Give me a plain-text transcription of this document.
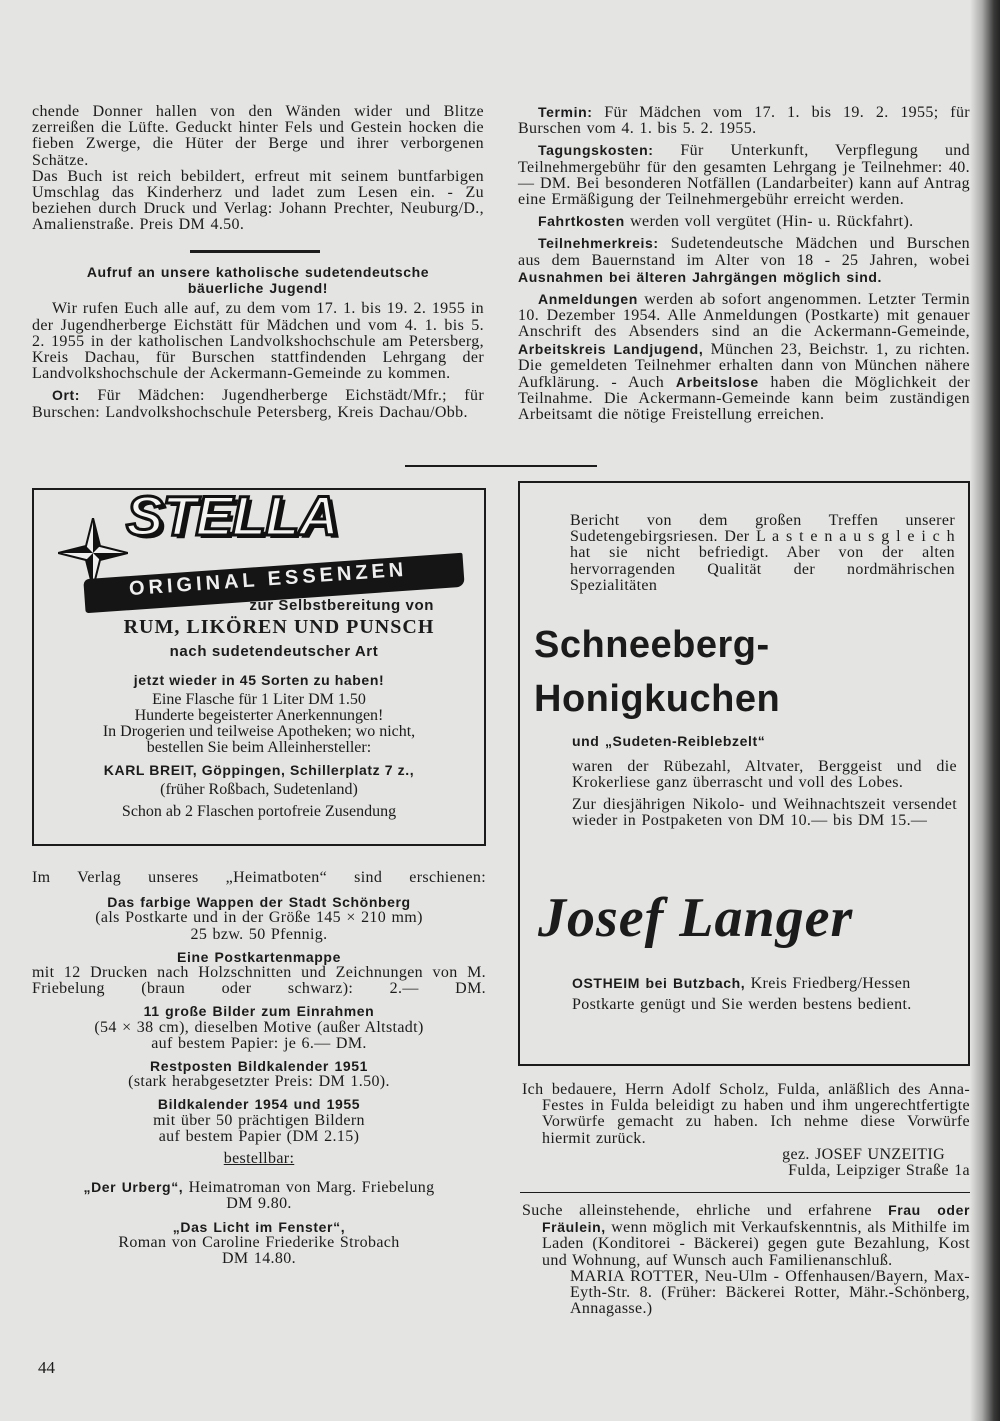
chende Donner hallen von den Wänden wider und Blitze zerreißen die Lüfte. Geduckt hinter Fels und Gestein hocken die fieben Zwerge, die Hüter der Berge und ihrer verborgenen Schätze.

Das Buch ist reich bebildert, erfreut mit seinem buntfarbigen Umschlag das Kinderherz und ladet zum Lesen ein. - Zu beziehen durch Druck und Verlag: Johann Prechter, Neuburg/D., Amalienstraße. Preis DM 4.50.

Aufruf an unsere katholische sudetendeutsche bäuerliche Jugend!

Wir rufen Euch alle auf, zu dem vom 17. 1. bis 19. 2. 1955 in der Jugendherberge Eichstätt für Mädchen und vom 4. 1. bis 5. 2. 1955 in der katholischen Landvolkshochschule am Petersberg, Kreis Dachau, für Burschen stattfindenden Lehrgang der Landvolkshochschule der Ackermann-Gemeinde zu kommen.

Ort: Für Mädchen: Jugendherberge Eichstädt/Mfr.; für Burschen: Landvolkshochschule Petersberg, Kreis Dachau/Obb.

Termin: Für Mädchen vom 17. 1. bis 19. 2. 1955; für Burschen vom 4. 1. bis 5. 2. 1955.

Tagungskosten: Für Unterkunft, Verpflegung und Teilnehmergebühr für den gesamten Lehrgang je Teilnehmer: 40.— DM. Bei besonderen Notfällen (Landarbeiter) kann auf Antrag eine Ermäßigung der Teilnehmergebühr erreicht werden.

Fahrtkosten werden voll vergütet (Hin- u. Rückfahrt).

Teilnehmerkreis: Sudetendeutsche Mädchen und Burschen aus dem Bauernstand im Alter von 18 - 25 Jahren, wobei Ausnahmen bei älteren Jahrgängen möglich sind.

Anmeldungen werden ab sofort angenommen. Letzter Termin 10. Dezember 1954. Alle Anmeldungen (Postkarte) mit genauer Anschrift des Absenders sind an die Ackermann-Gemeinde, Arbeitskreis Landjugend, München 23, Beichstr. 1, zu richten. Die gemeldeten Teilnehmer erhalten dann von München nähere Aufklärung. - Auch Arbeitslose haben die Möglichkeit der Teilnahme. Die Ackermann-Gemeinde kann beim zuständigen Arbeitsamt die nötige Freistellung erreichen.

ORIGINAL ESSENZEN
STELLA
zur Selbstbereitung von
RUM, LIKÖREN UND PUNSCH
nach sudetendeutscher Art
jetzt wieder in 45 Sorten zu haben!
Eine Flasche für 1 Liter DM 1.50
Hunderte begeisterter Anerkennungen!
In Drogerien und teilweise Apotheken; wo nicht,
bestellen Sie beim Alleinhersteller:
KARL BREIT, Göppingen, Schillerplatz 7 z.,
(früher Roßbach, Sudetenland)
Schon ab 2 Flaschen portofreie Zusendung

Im Verlag unseres „Heimatboten“ sind erschienen:

Das farbige Wappen der Stadt Schönberg
(als Postkarte und in der Größe 145 × 210 mm)
25 bzw. 50 Pfennig.
Eine Postkartenmappe
mit 12 Drucken nach Holzschnitten und Zeichnungen von M. Friebelung (braun oder schwarz): 2.— DM.
11 große Bilder zum Einrahmen
(54 × 38 cm), dieselben Motive (außer Altstadt)
auf bestem Papier: je 6.— DM.
Restposten Bildkalender 1951
(stark herabgesetzter Preis: DM 1.50).
Bildkalender 1954 und 1955
mit über 50 prächtigen Bildern
auf bestem Papier (DM 2.15)
bestellbar:
„Der Urberg“, Heimatroman von Marg. Friebelung
DM 9.80.
„Das Licht im Fenster“,
Roman von Caroline Friederike Strobach
DM 14.80.

Bericht von dem großen Treffen unserer Sudetengebirgsriesen. Der L a s t e n a u s g l e i c h hat sie nicht befriedigt. Aber von der alten hervorragenden Qualität der nordmährischen Spezialitäten

Schneeberg-
Honigkuchen

und „Sudeten-Reiblebzelt“

waren der Rübezahl, Altvater, Berggeist und die Krokerliese ganz überrascht und voll des Lobes.

Zur diesjährigen Nikolo- und Weihnachtszeit versendet wieder in Postpaketen von DM 10.— bis DM 15.—

Josef Langer

OSTHEIM bei Butzbach, Kreis Friedberg/Hessen

Postkarte genügt und Sie werden bestens bedient.

Ich bedauere, Herrn Adolf Scholz, Fulda, anläßlich des Anna-Festes in Fulda beleidigt zu haben und ihm ungerechtfertigte Vorwürfe gemacht zu haben. Ich nehme diese Vorwürfe hiermit zurück.

gez. JOSEF UNZEITIG
Fulda, Leipziger Straße 1a

Suche alleinstehende, ehrliche und erfahrene Frau oder Fräulein, wenn möglich mit Verkaufskenntnis, als Mithilfe im Laden (Konditorei - Bäckerei) gegen gute Bezahlung, Kost und Wohnung, auf Wunsch auch Familienanschluß.

MARIA ROTTER, Neu-Ulm - Offenhausen/Bayern, Max-Eyth-Str. 8. (Früher: Bäckerei Rotter, Mähr.-Schönberg, Annagasse.)

44
